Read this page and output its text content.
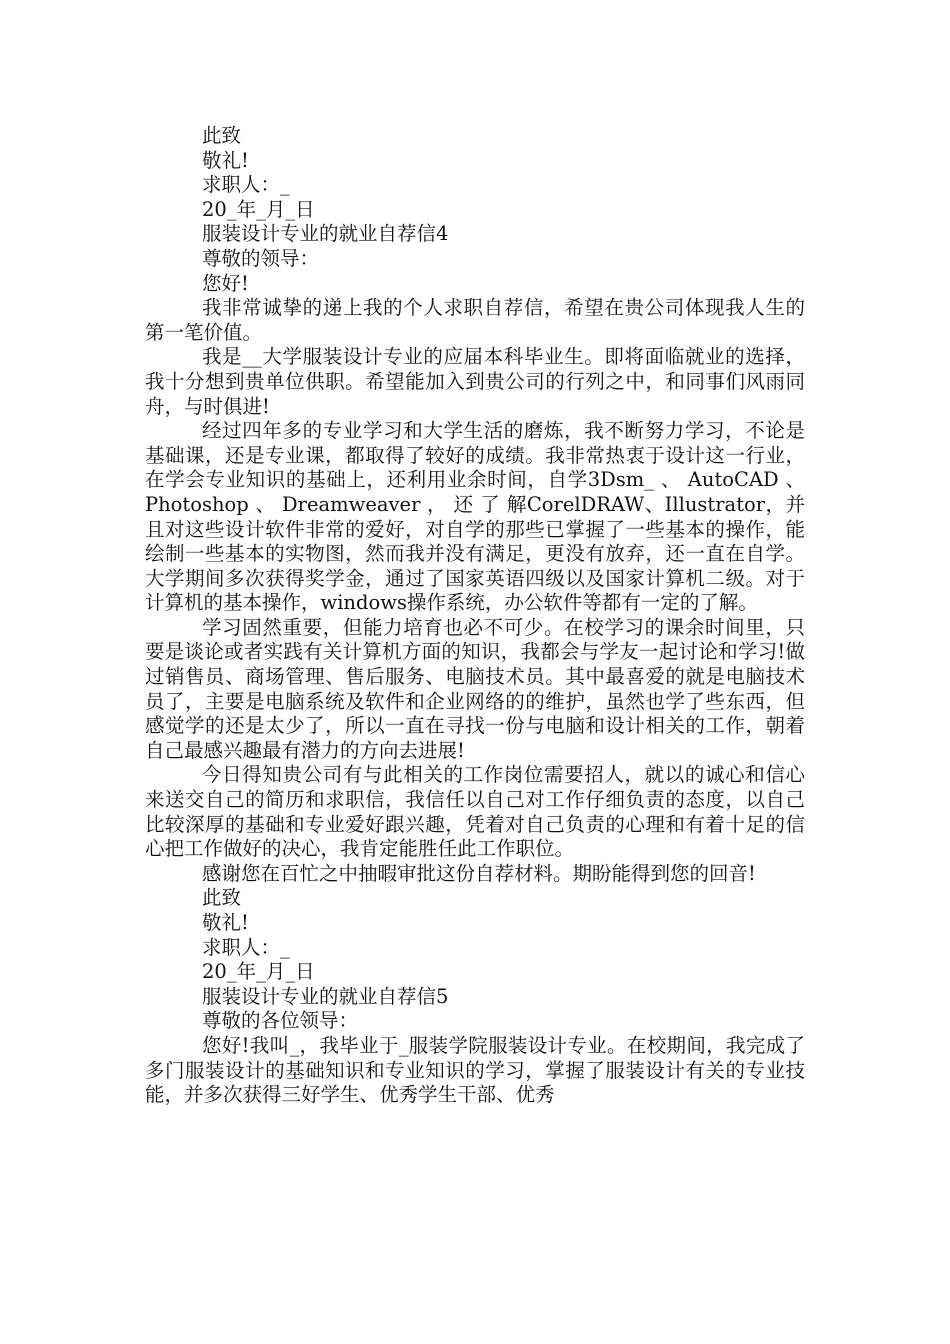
此致
敬礼!
求职人：_
20_年_月_日
服装设计专业的就业自荐信4
尊敬的领导：
您好!

我非常诚挚的递上我的个人求职自荐信，希望在贵公司体现我人生的第一笔价值。

我是__大学服装设计专业的应届本科毕业生。即将面临就业的选择，我十分想到贵单位供职。希望能加入到贵公司的行列之中，和同事们风雨同舟，与时俱进!

经过四年多的专业学习和大学生活的磨炼，我不断努力学习，不论是基础课，还是专业课，都取得了较好的成绩。我非常热衷于设计这一行业，在学会专业知识的基础上，还利用业余时间，自学3Dsm_ 、 AutoCAD 、 Photoshop 、 Dreamweaver ， 还 了 解CorelDRAW、Illustrator，并且对这些设计软件非常的爱好，对自学的那些已掌握了一些基本的操作，能绘制一些基本的实物图，然而我并没有满足，更没有放弃，还一直在自学。大学期间多次获得奖学金，通过了国家英语四级以及国家计算机二级。对于计算机的基本操作，windows操作系统，办公软件等都有一定的了解。

学习固然重要，但能力培育也必不可少。在校学习的课余时间里，只要是谈论或者实践有关计算机方面的知识，我都会与学友一起讨论和学习!做过销售员、商场管理、售后服务、电脑技术员。其中最喜爱的就是电脑技术员了，主要是电脑系统及软件和企业网络的的维护，虽然也学了些东西，但感觉学的还是太少了，所以一直在寻找一份与电脑和设计相关的工作，朝着自己最感兴趣最有潜力的方向去进展!

今日得知贵公司有与此相关的工作岗位需要招人，就以的诚心和信心来送交自己的简历和求职信，我信任以自己对工作仔细负责的态度，以自己比较深厚的基础和专业爱好跟兴趣，凭着对自己负责的心理和有着十足的信心把工作做好的决心，我肯定能胜任此工作职位。

感谢您在百忙之中抽暇审批这份自荐材料。期盼能得到您的回音!

此致
敬礼!
求职人：_
20_年_月_日
服装设计专业的就业自荐信5
尊敬的各位领导：

您好!我叫_，我毕业于_服装学院服装设计专业。在校期间，我完成了多门服装设计的基础知识和专业知识的学习，掌握了服装设计有关的专业技能，并多次获得三好学生、优秀学生干部、优秀
